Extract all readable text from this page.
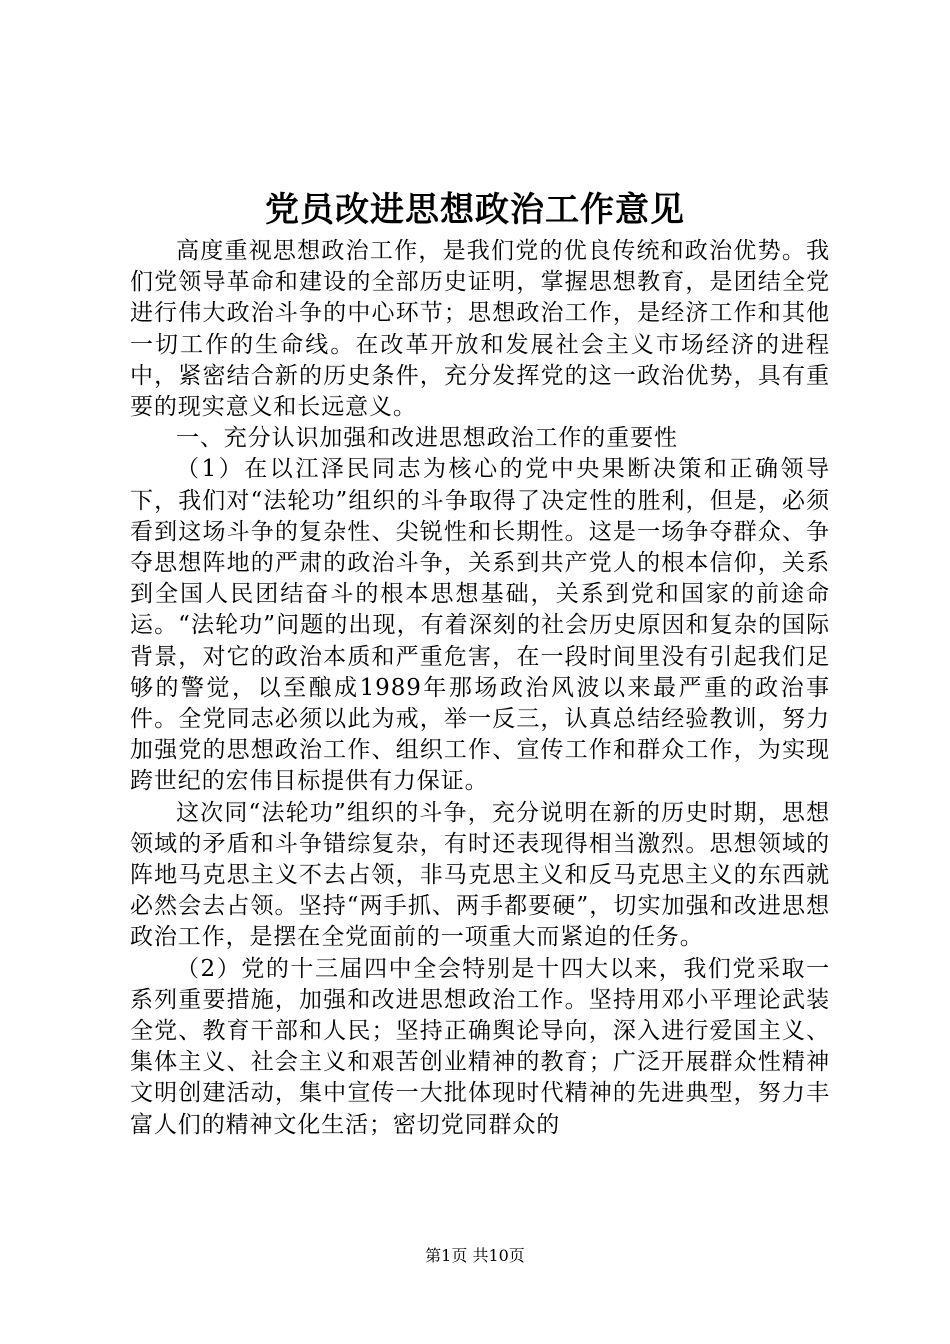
党员改进思想政治工作意见

高度重视思想政治工作，是我们党的优良传统和政治优势。我们党领导革命和建设的全部历史证明，掌握思想教育，是团结全党进行伟大政治斗争的中心环节；思想政治工作，是经济工作和其他一切工作的生命线。在改革开放和发展社会主义市场经济的进程中，紧密结合新的历史条件，充分发挥党的这一政治优势，具有重要的现实意义和长远意义。

一、充分认识加强和改进思想政治工作的重要性

（1）在以江泽民同志为核心的党中央果断决策和正确领导下，我们对“法轮功”组织的斗争取得了决定性的胜利，但是，必须看到这场斗争的复杂性、尖锐性和长期性。这是一场争夺群众、争夺思想阵地的严肃的政治斗争，关系到共产党人的根本信仰，关系到全国人民团结奋斗的根本思想基础，关系到党和国家的前途命运。“法轮功”问题的出现，有着深刻的社会历史原因和复杂的国际背景，对它的政治本质和严重危害，在一段时间里没有引起我们足够的警觉，以至酿成1989年那场政治风波以来最严重的政治事件。全党同志必须以此为戒，举一反三，认真总结经验教训，努力加强党的思想政治工作、组织工作、宣传工作和群众工作，为实现跨世纪的宏伟目标提供有力保证。

这次同“法轮功”组织的斗争，充分说明在新的历史时期，思想领域的矛盾和斗争错综复杂，有时还表现得相当激烈。思想领域的阵地马克思主义不去占领，非马克思主义和反马克思主义的东西就必然会去占领。坚持“两手抓、两手都要硬”，切实加强和改进思想政治工作，是摆在全党面前的一项重大而紧迫的任务。

（2）党的十三届四中全会特别是十四大以来，我们党采取一系列重要措施，加强和改进思想政治工作。坚持用邓小平理论武装全党、教育干部和人民；坚持正确舆论导向，深入进行爱国主义、集体主义、社会主义和艰苦创业精神的教育；广泛开展群众性精神文明创建活动，集中宣传一大批体现时代精神的先进典型，努力丰富人们的精神文化生活；密切党同群众的

第1页 共10页
